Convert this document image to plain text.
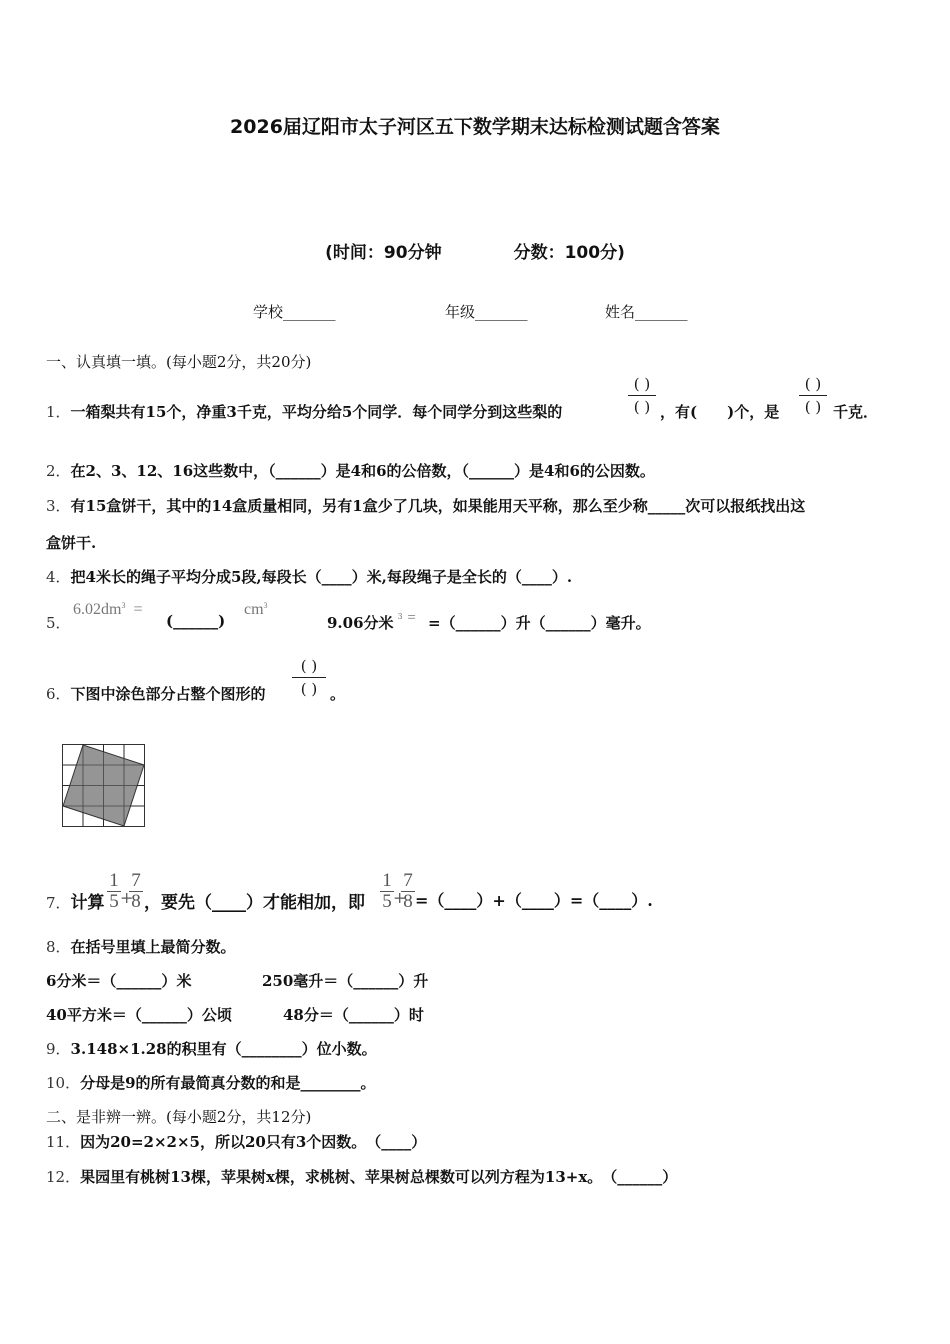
2026届辽阳市太子河区五下数学期末达标检测试题含答案
(时间：90分钟	分数：100分)
学校_______	年级_______	姓名_______
一、认真填一填。(每小题2分，共20分)
1．一箱梨共有15个，净重3千克，平均分给5个同学．每个同学分到这些梨的
( )
( ) ，有(　　)个，是
( )
( ) 千克．
2．在2、3、12、16这些数中，（______）是4和6的公倍数，（______）是4和6的公因数。
3．有15盒饼干，其中的14盒质量相同，另有1盒少了几块，如果能用天平称，那么至少称_____次可以报纸找出这
盒饼干.
4．把4米长的绳子平均分成5段,每段长（____）米,每段绳子是全长的（____）.
5．
$6.02dm^3$ =
(______)
$cm^3$
9.06分米 $^3$ = =（______）升（______）毫升。
6．下图中涂色部分占整个图形的
( )
( ) 。
7．计算
1
5 +
7
8 ，要先（____）才能相加，即
1
5 +
7
8 =（____）+（____）=（____）.
8．在括号里填上最简分数。
6分米＝（______）米	250毫升＝（______）升
40平方米＝（______）公顷	48分＝（______）时
9．3.148×1.28的积里有（________）位小数。
10．分母是9的所有最简真分数的和是________。
二、是非辨一辨。(每小题2分，共12分)
11．因为20=2×2×5，所以20只有3个因数。　（____）
12．果园里有桃树13棵，苹果树x棵，求桃树、苹果树总棵数可以列方程为13+x。　（______）
